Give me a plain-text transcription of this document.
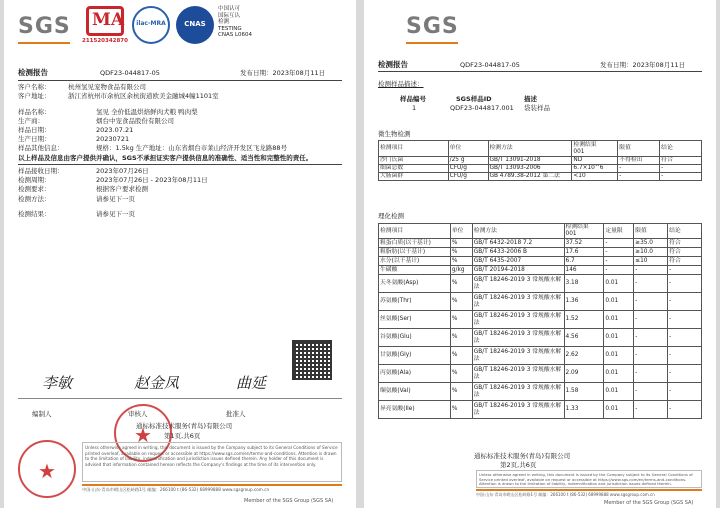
SGS MA
211520342870
ilac-MRA	CNAS
中国认可
国际互认
检测
TESTING
CNAS L0604
检测报告	QDF23-044817-05	发布日期：2023年08月11日
客户名称：	杭州氢见宠物食品有限公司
客户地址：	浙江省杭州市余杭区余杭街道欧美金融城4幢1101室
样品名称：	氢见 全价低温烘焙鲜肉犬粮 鸭肉梨
生产商：	烟台中宠食品股份有限公司
样品日期：	2023.07.21
生产日期：	20230721
样品其他信息：	规格：1.5kg 生产地址：山东省烟台市莱山经济开发区飞龙路88号
以上样品及信息由客户提供并确认，SGS不承担证实客户提供信息的准确性、适当性和完整性的责任。
样品接收日期：	2023年07月26日
检测周期：	2023年07月26日 - 2023年08月11日
检测要求：	根据客户要求检测
检测方法：	请参见下一页
检测结果：	请参见下一页
李敏	赵金凤	曲延
编制人	审核人	批准人
★
通标标准技术服务(青岛)有限公司
第1页,共6页
★
Unless otherwise agreed in writing, this document is issued by the Company subject to its General Conditions of Service printed overleaf, available on request or accessible at https://www.sgs.com/en/terms-and-conditions. Attention is drawn to the limitation of liability, indemnification and jurisdiction issues defined therein. Any holder of this document is advised that information contained hereon reflects the Company's findings at the time of its intervention only.
中国·山东·青岛市崂山区松岭路1号 邮编：266100 t (86-532) 68999888 www.sgsgroup.com.cn
Member of the SGS Group (SGS SA)
SGS
检测报告	QDF23-044817-05	发布日期：2023年08月11日
检测样品描述：
样品编号	SGS样品ID	描述
1	QDF23-044817.001 袋装样品
微生物检测
检测项目	单位	检测方法	检测结果
001	限值	结论
沙门氏菌	/25 g	GB/T 13091-2018	ND	不得检出	符合
细菌总数	CFU/g	GB/T 13093-2006	6.7×10^6	-	-
大肠菌群	CFU/g	GB 4789.38-2012 第二法	<10	-	-
理化检测
检测项目	单位	检测方法	检测结果
001	定量限	限值	结论
粗蛋白质(以干基计)	%	GB/T 6432-2018 7.2	37.52	-	≥35.0	符合
粗脂肪(以干基计)	%	GB/T 6433-2006 B	17.6	-	≥10.0	符合
水分(以干基计)	%	GB/T 6435-2007	6.7	-	≤10	符合
牛磺酸	g/kg	GB/T 20194-2018	146	-	-	-
天冬氨酸(Asp)	%	GB/T 18246-2019 3 常规酸水解法	3.18	0.01	-	-
苏氨酸(Thr)	%	GB/T 18246-2019 3 常规酸水解法	1.36	0.01	-	-
丝氨酸(Ser)	%	GB/T 18246-2019 3 常规酸水解法	1.52	0.01	-	-
谷氨酸(Glu)	%	GB/T 18246-2019 3 常规酸水解法	4.56	0.01	-	-
甘氨酸(Gly)	%	GB/T 18246-2019 3 常规酸水解法	2.62	0.01	-	-
丙氨酸(Ala)	%	GB/T 18246-2019 3 常规酸水解法	2.09	0.01	-	-
缬氨酸(Val)	%	GB/T 18246-2019 3 常规酸水解法	1.58	0.01	-	-
异亮氨酸(Ile)	%	GB/T 18246-2019 3 常规酸水解法	1.33	0.01	-	-
通标标准技术服务(青岛)有限公司
第2页,共6页
Unless otherwise agreed in writing, this document is issued by the Company subject to its General Conditions of Service printed overleaf, available on request or accessible at https://www.sgs.com/en/terms-and-conditions. Attention is drawn to the limitation of liability, indemnification and jurisdiction issues defined therein.
中国·山东·青岛市崂山区松岭路1号 邮编：266100 t (86-532) 68999888 www.sgsgroup.com.cn
Member of the SGS Group (SGS SA)
